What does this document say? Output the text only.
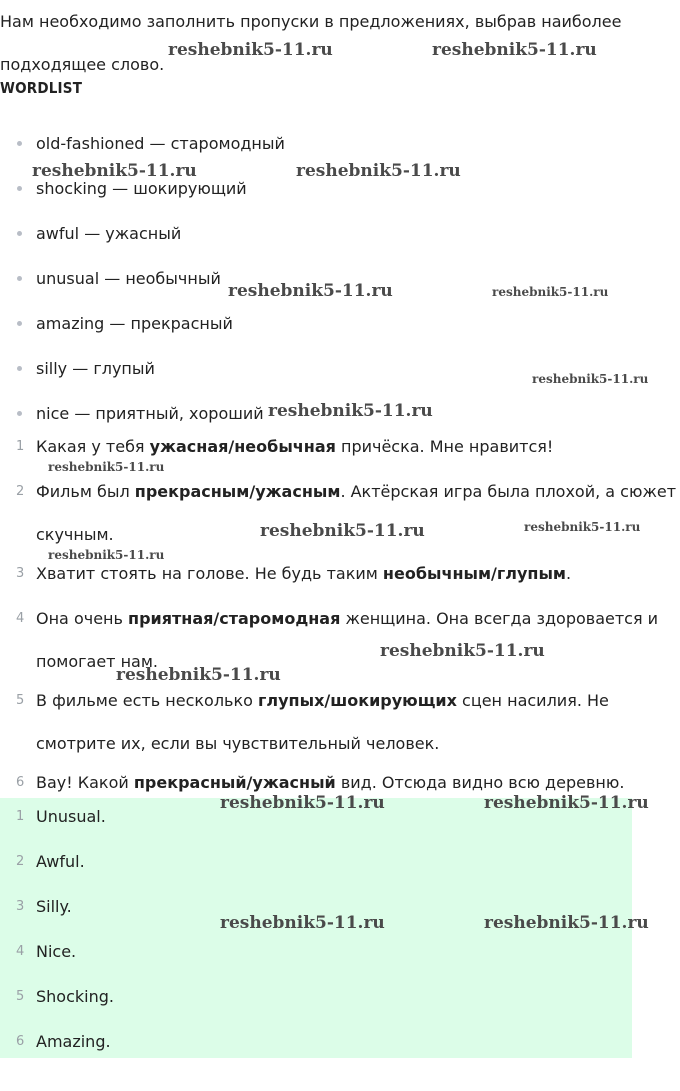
Нам необходимо заполнить пропуски в предложениях, выбрав наиболее подходящее слово.

WORDLIST
old-fashioned — старомодный
shocking — шокирующий
awful — ужасный
unusual — необычный
amazing — прекрасный
silly — глупый
nice — приятный, хороший
1 Какая у тебя ужасная/необычная причёска. Мне нравится!
2 Фильм был прекрасным/ужасным. Актёрская игра была плохой, а сюжет скучным.
3 Хватит стоять на голове. Не будь таким необычным/глупым.
4 Она очень приятная/старомодная женщина. Она всегда здоровается и помогает нам.
5 В фильме есть несколько глупых/шокирующих сцен насилия. Не смотрите их, если вы чувствительный человек.
6 Вау! Какой прекрасный/ужасный вид. Отсюда видно всю деревню.
1 Unusual.
2 Awful.
3 Silly.
4 Nice.
5 Shocking.
6 Amazing.
reshebnik5-11.ru	reshebnik5-11.ru
reshebnik5-11.ru	reshebnik5-11.ru
reshebnik5-11.ru	reshebnik5-11.ru
reshebnik5-11.ru
reshebnik5-11.ru
reshebnik5-11.ru
reshebnik5-11.ru	reshebnik5-11.ru
reshebnik5-11.ru
reshebnik5-11.ru
reshebnik5-11.ru
reshebnik5-11.ru	reshebnik5-11.ru
reshebnik5-11.ru	reshebnik5-11.ru
